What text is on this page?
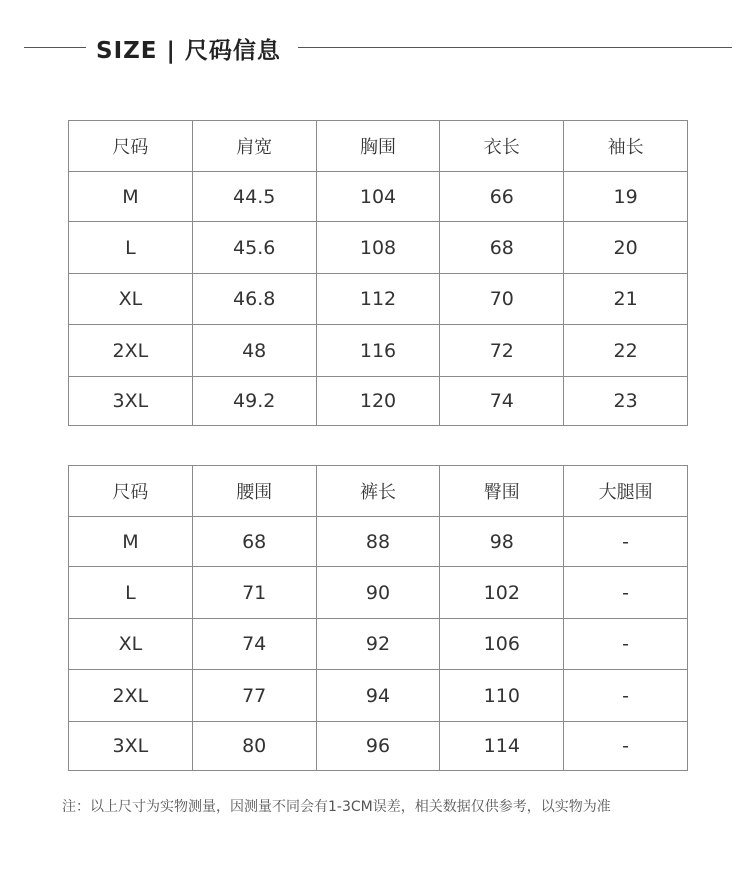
SIZE | 尺码信息
尺码	肩宽	胸围	衣长	袖长
M	44.5	104	66	19
L	45.6	108	68	20
XL	46.8	112	70	21
2XL	48	116	72	22
3XL	49.2	120	74	23
尺码	腰围	裤长	臀围	大腿围
M	68	88	98	-
L	71	90	102	-
XL	74	92	106	-
2XL	77	94	110	-
3XL	80	96	114	-
注：以上尺寸为实物测量，因测量不同会有1-3CM误差，相关数据仅供参考，以实物为准
